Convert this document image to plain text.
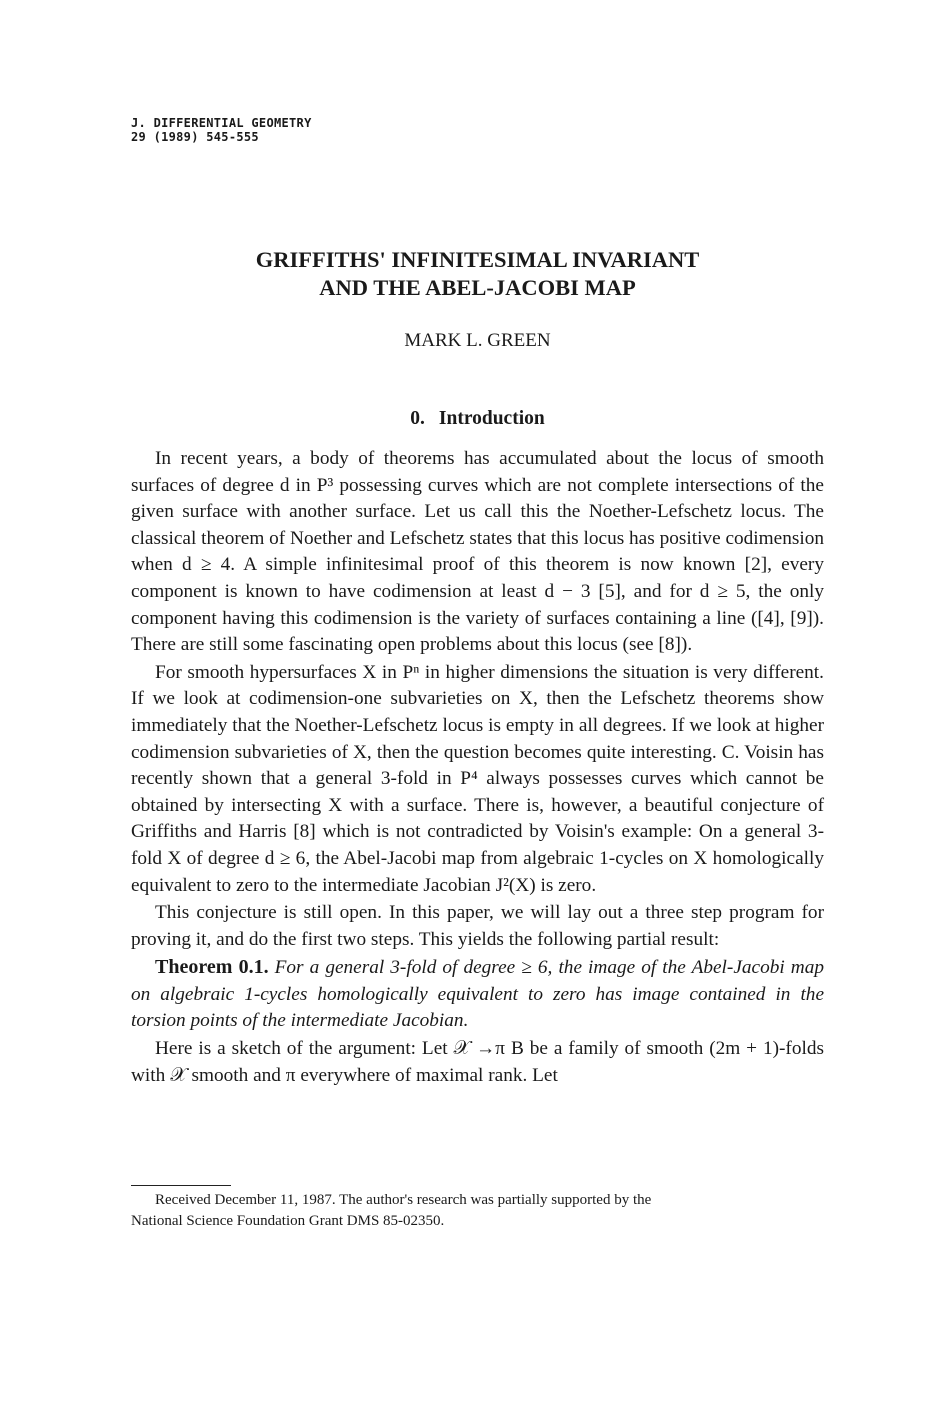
J. DIFFERENTIAL GEOMETRY
29 (1989) 545-555
GRIFFITHS' INFINITESIMAL INVARIANT
AND THE ABEL-JACOBI MAP
MARK L. GREEN
0. Introduction

In recent years, a body of theorems has accumulated about the locus of smooth surfaces of degree d in P³ possessing curves which are not complete intersections of the given surface with another surface. Let us call this the Noether-Lefschetz locus. The classical theorem of Noether and Lefschetz states that this locus has positive codimension when d ≥ 4. A simple infinitesimal proof of this theorem is now known [2], every component is known to have codimension at least d − 3 [5], and for d ≥ 5, the only component having this codimension is the variety of surfaces containing a line ([4], [9]). There are still some fascinating open problems about this locus (see [8]).

For smooth hypersurfaces X in Pⁿ in higher dimensions the situation is very different. If we look at codimension-one subvarieties on X, then the Lefschetz theorems show immediately that the Noether-Lefschetz locus is empty in all degrees. If we look at higher codimension subvarieties of X, then the question becomes quite interesting. C. Voisin has recently shown that a general 3-fold in P⁴ always possesses curves which cannot be obtained by intersecting X with a surface. There is, however, a beautiful conjecture of Griffiths and Harris [8] which is not contradicted by Voisin's example: On a general 3-fold X of degree d ≥ 6, the Abel-Jacobi map from algebraic 1-cycles on X homologically equivalent to zero to the intermediate Jacobian J²(X) is zero.

This conjecture is still open. In this paper, we will lay out a three step program for proving it, and do the first two steps. This yields the following partial result:

Theorem 0.1. For a general 3-fold of degree ≥ 6, the image of the Abel-Jacobi map on algebraic 1-cycles homologically equivalent to zero has image contained in the torsion points of the intermediate Jacobian.

Here is a sketch of the argument: Let 𝒳 →π B be a family of smooth (2m + 1)-folds with 𝒳 smooth and π everywhere of maximal rank. Let

Received December 11, 1987. The author's research was partially supported by the
National Science Foundation Grant DMS 85-02350.
